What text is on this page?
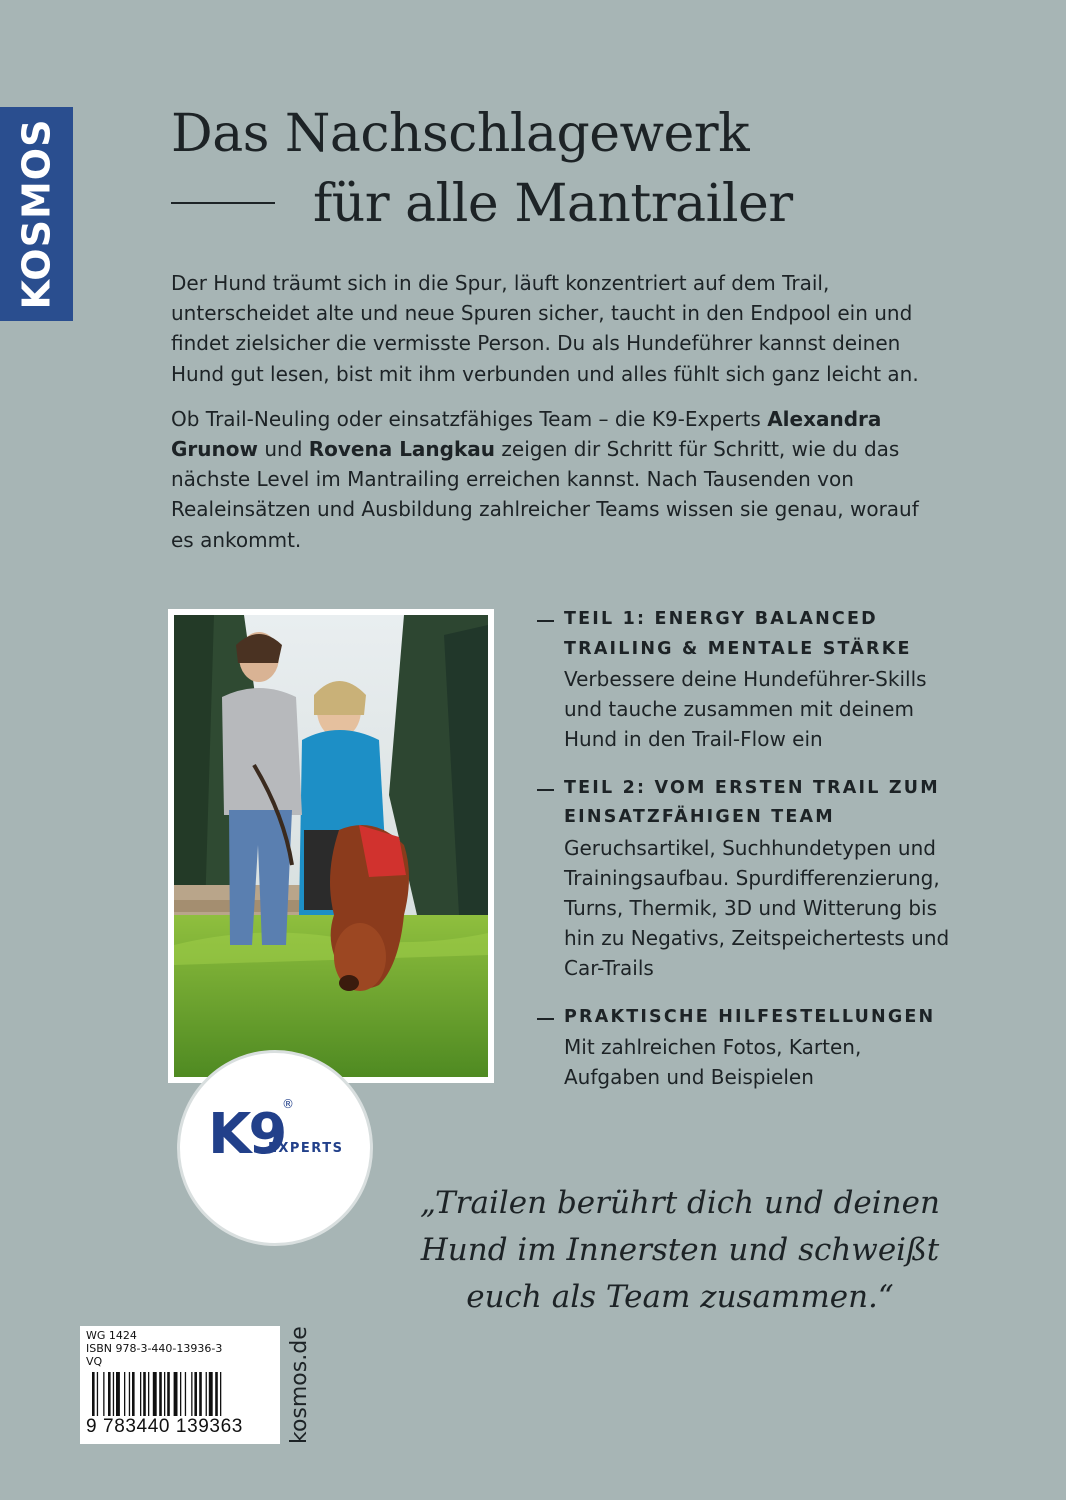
KOSMOS Das Nachschlagewerk
für alle Mantrailer

Der Hund träumt sich in die Spur, läuft konzentriert auf dem Trail, unterscheidet alte und neue Spuren sicher, taucht in den Endpool ein und findet zielsicher die vermisste Person. Du als Hundeführer kannst deinen Hund gut lesen, bist mit ihm verbunden und alles fühlt sich ganz leicht an.

Ob Trail-Neuling oder einsatzfähiges Team – die K9-Experts Alexandra Grunow und Rovena Langkau zeigen dir Schritt für Schritt, wie du das nächste Level im Mantrailing erreichen kannst. Nach Tausenden von Realeinsätzen und Ausbildung zahlreicher Teams wissen sie genau, worauf es ankommt.

K9
®
EXPERTS
TEIL 1: ENERGY BALANCED TRAILING & MENTALE STÄRKE
Verbessere deine Hundeführer-Skills und tauche zusammen mit deinem Hund in den Trail-Flow ein
TEIL 2: VOM ERSTEN TRAIL ZUM EINSATZFÄHIGEN TEAM
Geruchsartikel, Suchhundetypen und Trainingsaufbau. Spurdifferenzierung, Turns, Thermik, 3D und Witterung bis hin zu Negativs, Zeitspeichertests und Car-Trails
PRAKTISCHE HILFESTELLUNGEN
Mit zahlreichen Fotos, Karten, Aufgaben und Beispielen
„Trailen berührt dich und deinen Hund im Innersten und schweißt euch als Team zusammen.“
WG 1424
ISBN 978-3-440-13936-3
VQ
9 783440 139363	kosmos.de
